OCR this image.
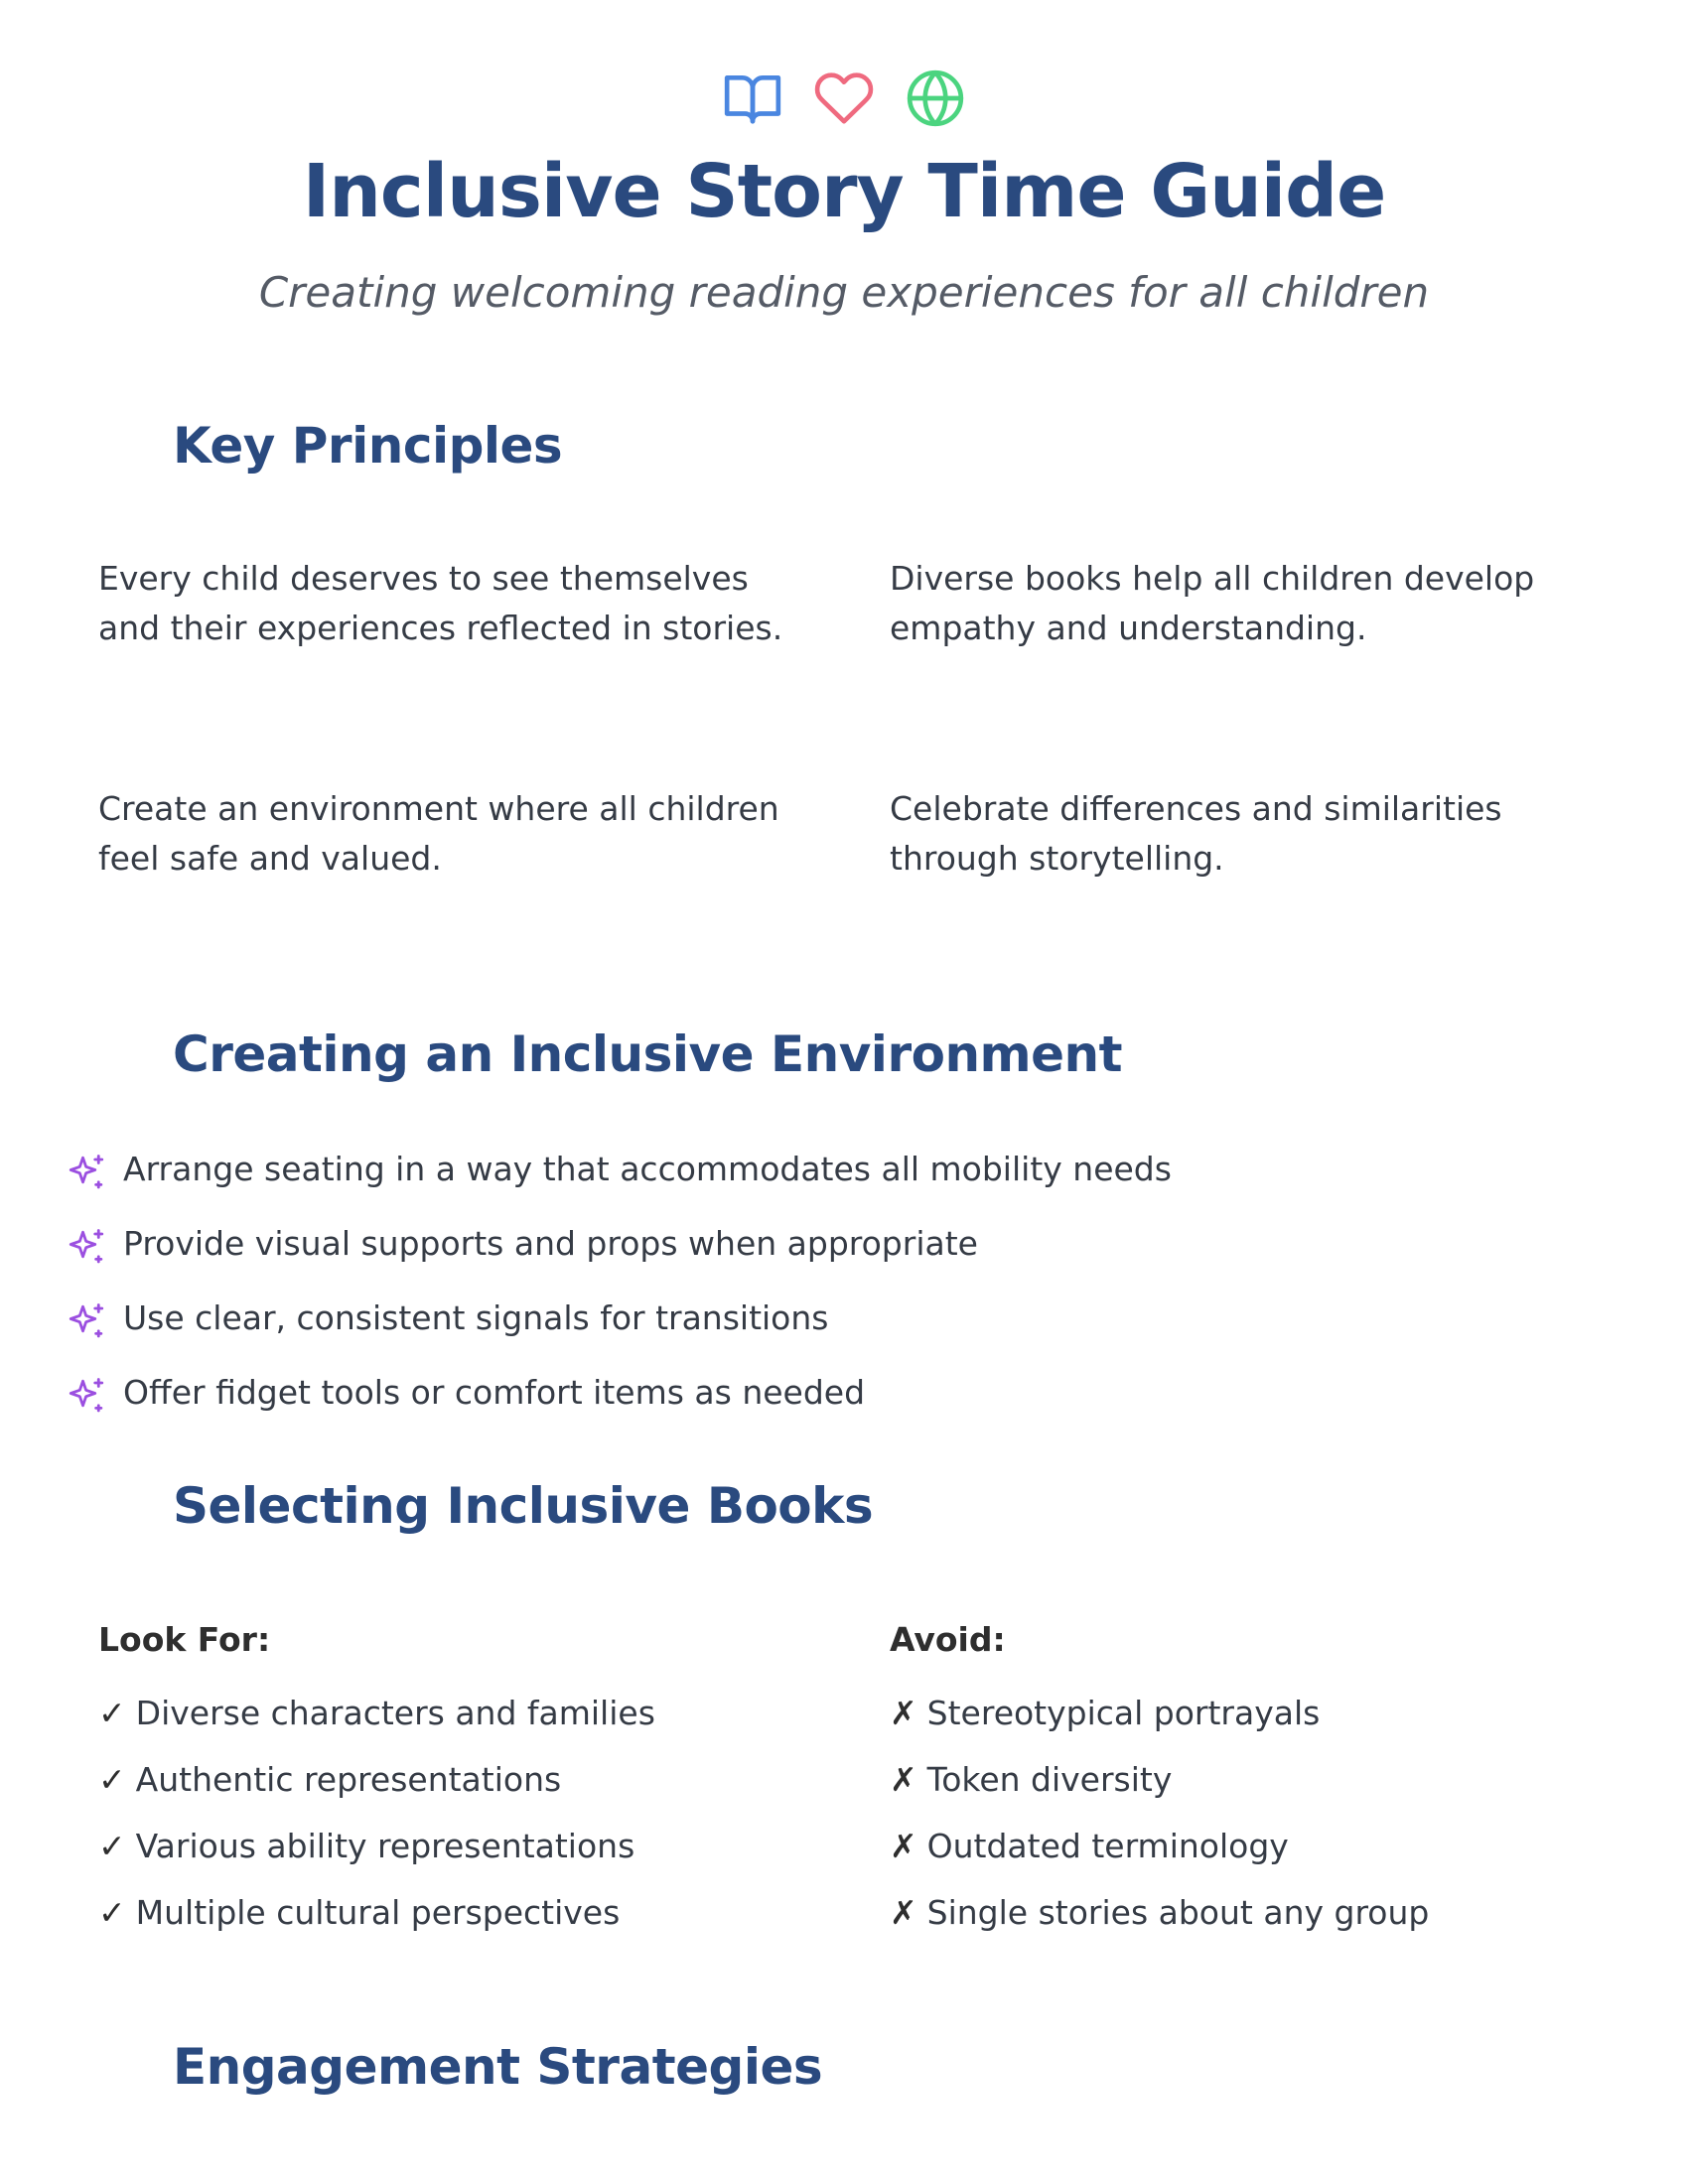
Inclusive Story Time Guide

Creating welcoming reading experiences for all children

Key Principles

Every child deserves to see themselves and their experiences reflected in stories.

Diverse books help all children develop empathy and understanding.

Create an environment where all children feel safe and valued.

Celebrate differences and similarities through storytelling.

Creating an Inclusive Environment
Arrange seating in a way that accommodates all mobility needs
Provide visual supports and props when appropriate
Use clear, consistent signals for transitions
Offer fidget tools or comfort items as needed
Selecting Inclusive Books

Look For:

✓ Diverse characters and families
✓ Authentic representations
✓ Various ability representations
✓ Multiple cultural perspectives

Avoid:

✗ Stereotypical portrayals
✗ Token diversity
✗ Outdated terminology
✗ Single stories about any group
Engagement Strategies
